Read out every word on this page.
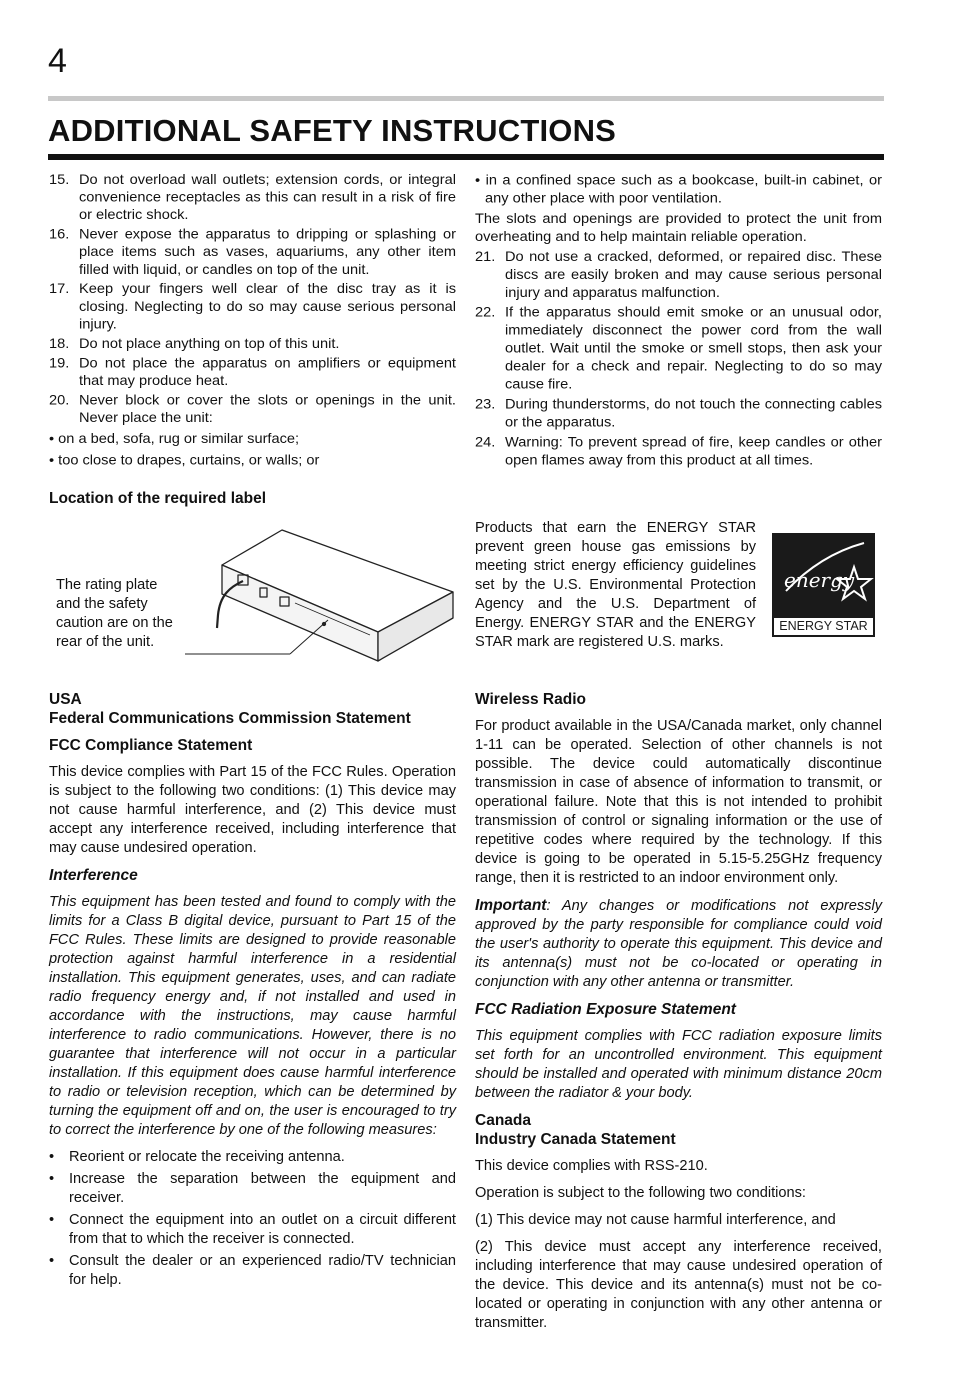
4
ADDITIONAL SAFETY INSTRUCTIONS
15. Do not overload wall outlets; extension cords, or integral convenience receptacles as this can result in a risk of fire or electric shock.
16. Never expose the apparatus to dripping or splashing or place items such as vases, aquariums, any other item filled with liquid, or candles on top of the unit.
17. Keep your fingers well clear of the disc tray as it is closing. Neglecting to do so may cause serious personal injury.
18. Do not place anything on top of this unit.
19. Do not place the apparatus on amplifiers or equipment that may produce heat.
20. Never block or cover the slots or openings in the unit. Never place the unit:

• on a bed, sofa, rug or similar surface;

• too close to drapes, curtains, or walls; or

• in a confined space such as a bookcase, built-in cabinet, or any other place with poor ventilation.

The slots and openings are provided to protect the unit from overheating and to help maintain reliable operation.

21. Do not use a cracked, deformed, or repaired disc. These discs are easily broken and may cause serious personal injury and apparatus malfunction.
22. If the apparatus should emit smoke or an unusual odor, immediately disconnect the power cord from the wall outlet. Wait until the smoke or smell stops, then ask your dealer for a check and repair. Neglecting to do so may cause fire.
23. During thunderstorms, do not touch the connecting cables or the apparatus.
24. Warning: To prevent spread of fire, keep candles or other open flames away from this product at all times.
Location of the required label
The rating plate and the safety caution are on the rear of the unit.
Products that earn the ENERGY STAR prevent green house gas emissions by meeting strict energy efficiency guidelines set by the U.S. Environmental Protection Agency and the U.S. Department of Energy. ENERGY STAR and the ENERGY STAR mark are registered U.S. marks.
energy
ENERGY STAR
USA
Federal Communications Commission Statement
FCC Compliance Statement

This device complies with Part 15 of the FCC Rules. Operation is subject to the following two conditions: (1) This device may not cause harmful interference, and (2) This device must accept any interference received, including interference that may cause undesired operation.

Interference

This equipment has been tested and found to comply with the limits for a Class B digital device, pursuant to Part 15 of the FCC Rules. These limits are designed to provide reasonable protection against harmful interference in a residential installation. This equipment generates, uses, and can radiate radio frequency energy and, if not installed and used in accordance with the instructions, may cause harmful interference to radio communications. However, there is no guarantee that interference will not occur in a particular installation. If this equipment does cause harmful interference to radio or television reception, which can be determined by turning the equipment off and on, the user is encouraged to try to correct the interference by one of the following measures:

•	Reorient or relocate the receiving antenna.
•	Increase the separation between the equipment and receiver.
•	Connect the equipment into an outlet on a circuit different from that to which the receiver is connected.
•	Consult the dealer or an experienced radio/TV technician for help.
Wireless Radio

For product available in the USA/Canada market, only channel 1-11 can be operated. Selection of other channels is not possible. The device could automatically discontinue transmission in case of absence of information to transmit, or operational failure. Note that this is not intended to prohibit transmission of control or signaling information or the use of repetitive codes where required by the technology. If this device is going to be operated in 5.15-5.25GHz frequency range, then it is restricted to an indoor environment only.

Important: Any changes or modifications not expressly approved by the party responsible for compliance could void the user's authority to operate this equipment. This device and its antenna(s) must not be co-located or operating in conjunction with any other antenna or transmitter.

FCC Radiation Exposure Statement

This equipment complies with FCC radiation exposure limits set forth for an uncontrolled environment. This equipment should be installed and operated with minimum distance 20cm between the radiator & your body.

Canada
Industry Canada Statement

This device complies with RSS-210.

Operation is subject to the following two conditions:

(1) This device may not cause harmful interference, and

(2) This device must accept any interference received, including interference that may cause undesired operation of the device. This device and its antenna(s) must not be co-located or operating in conjunction with any other antenna or transmitter.
